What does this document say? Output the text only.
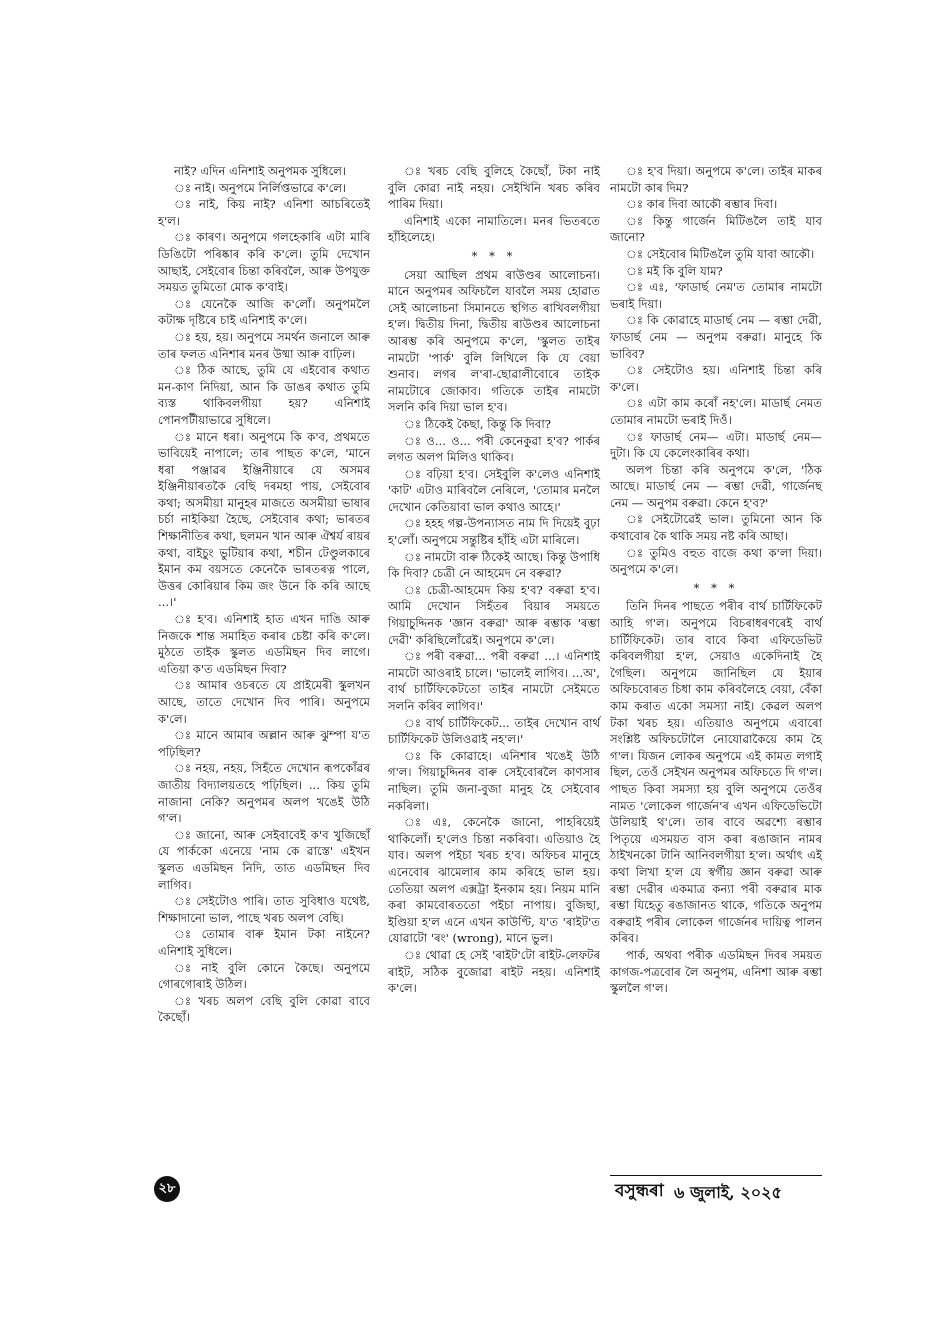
নাই? এদিন এনিশাই অনুপমক সুধিলে।

ঃ নাই। অনুপমে নির্লিপ্তভাৱে ক'লে।

ঃ নাই, কিয় নাই? এনিশা আচৰিতেই হ'ল।

ঃ কাৰণ। অনুপমে গলহেকাৰি এটা মাৰি ডিঙিটো পৰিষ্কাৰ কৰি ক'লে। তুমি দেখোন আছাই, সেইবোৰ চিন্তা কৰিবলৈ, আৰু উপযুক্ত সময়ত তুমিতো মোক ক'বাই।

ঃ যেনেকৈ আজি ক'লোঁ। অনুপমলৈ কটাক্ষ দৃষ্টিৰে চাই এনিশাই ক'লে।

ঃ হয়, হয়। অনুপমে সমৰ্থন জনালে আৰু তাৰ ফলত এনিশাৰ মনৰ উষ্মা আৰু বাঢ়িল।

ঃ ঠিক আছে, তুমি যে এইবোৰ কথাত মন-কাণ নিদিয়া, আন কি ডাঙৰ কথাত তুমি ব্যস্ত থাকিবলগীয়া হয়? এনিশাই পোনপটীয়াভাৱে সুধিলে।

ঃ মানে ধৰা। অনুপমে কি ক'ব, প্ৰথমতে ভাবিয়েই নাপালে; তাৰ পাছত ক'লে, 'মানে ধৰা পঞ্জাৱৰ ইঞ্জিনীয়াৰে যে অসমৰ ইঞ্জিনীয়াৰতকৈ বেছি দৰমহা পায়, সেইবোৰ কথা; অসমীয়া মানুহৰ মাজতে অসমীয়া ভাষাৰ চৰ্চা নাইকিয়া হৈছে, সেইবোৰ কথা; ভাৰতৰ শিক্ষানীতিৰ কথা, ছলমন খান আৰু ঐশ্বৰ্য ৰায়ৰ কথা, বাইচুং ভুটিয়াৰ কথা, শচীন টেণ্ডুলকাৰে ইমান কম বয়সতে কেনেকৈ ভাৰতৰত্ন পালে, উত্তৰ কোৰিয়াৰ কিম জং উনে কি কৰি আছে ...।'

ঃ হ'ব। এনিশাই হাত এখন দাঙি আৰু নিজকে শান্ত সমাহিত কৰাৰ চেষ্টা কৰি ক'লে। মুঠতে তাইক স্কুলত এডমিছন দিব লাগে। এতিয়া ক'ত এডমিছন দিবা?

ঃ আমাৰ ওচৰতে যে প্ৰাইমেৰী স্কুলখন আছে, তাতে দেখোন দিব পাৰি। অনুপমে ক'লে।

ঃ মানে আমাৰ অল্লান আৰু ঝুম্পা য'ত পঢ়িছিল?

ঃ নহয়, নহয়, সিহঁতে দেখোন ৰূপকোঁৱৰ জাতীয় বিদ্যালয়তহে পঢ়িছিল। ... কিয় তুমি নাজানা নেকি? অনুপমৰ অলপ খঙেই উঠি গ'ল।

ঃ জানো, আৰু সেইবাবেই ক'ব খুজিছোঁ যে পাৰ্ককো এনেয়ে 'নাম কে ৱাস্তে' এইখন স্কুলত এডমিছন নিদি, তাত এডমিছন দিব লাগিব।

ঃ সেইটোও পাৰি। তাত সুবিধাও যথেষ্ট, শিক্ষাদানো ভাল, পাছে খৰচ অলপ বেছি।

ঃ তোমাৰ বাৰু ইমান টকা নাইনে? এনিশাই সুধিলে।

ঃ নাই বুলি কোনে কৈছে। অনুপমে গোৰগোৰাই উঠিল।

ঃ খৰচ অলপ বেছি বুলি কোৱা বাবে কৈছোঁ।

ঃ খৰচ বেছি বুলিহে কৈছোঁ, টকা নাই বুলি কোৱা নাই নহয়। সেইখিনি খৰচ কৰিব পাৰিম দিয়া।

এনিশাই একো নামাতিলে। মনৰ ভিতৰতে হাঁহিলেহে।

* * *

সেয়া আছিল প্ৰথম ৰাউণ্ডৰ আলোচনা। মানে অনুপমৰ অফিচলৈ যাবলৈ সময় হোৱাত সেই আলোচনা সিমানতে স্থগিত ৰাখিবলগীয়া হ'ল। দ্বিতীয় দিনা, দ্বিতীয় ৰাউণ্ডৰ আলোচনা আৰম্ভ কৰি অনুপমে ক'লে, 'স্কুলত তাইৰ নামটো 'পাৰ্ক' বুলি লিখিলে কি যে বেয়া শুনাব। লগৰ ল'ৰা-ছোৱালীবোৰে তাইক নামটোৰে জোকাব। গতিকে তাইৰ নামটো সলনি কৰি দিয়া ভাল হ'ব।

ঃ ঠিকেই কৈছা, কিন্তু কি দিবা?

ঃ ও... ও... পৰী কেনেকুৱা হ'ব? পাৰ্কৰ লগত অলপ মিলিও থাকিব।

ঃ বঢ়িয়া হ'ব। সেইবুলি ক'লেও এনিশাই 'কাট' এটাও মাৰিবলৈ নেৰিলে, 'তোমাৰ মনলৈ দেখোন কেতিয়াবা ভাল কথাও আহে।'

ঃ হহহ গল্প-উপন্যাসত নাম দি দিয়েই বুঢ়া হ'লোঁ। অনুপমে সন্তুষ্টিৰ হাঁহি এটা মাৰিলে।

ঃ নামটো বাৰু ঠিকেই আছে। কিন্তু উপাধি কি দিবা? চেত্ৰী নে আহমেদ নে বৰুৱা?

ঃ চেত্ৰী-আহমেদ কিয় হ'ব? বৰুৱা হ'ব। আমি দেখোন সিহঁতৰ বিয়াৰ সময়তে গিয়াচুদ্দিনক 'জ্ঞান বৰুৱা' আৰু ৰম্ভাক 'ৰম্ভা দেৱী' কৰিছিলোঁৱেই। অনুপমে ক'লে।

ঃ পৰী বৰুৱা... পৰী বৰুৱা ...। এনিশাই নামটো আওৰাই চালে। 'ভালেই লাগিব। ...অ', বাৰ্থ চাৰ্টিফিকেটতো তাইৰ নামটো সেইমতে সলনি কৰিব লাগিব।'

ঃ বাৰ্থ চাৰ্টিফিকেট... তাইৰ দেখোন বাৰ্থ চাৰ্টিফিকেট উলিওৱাই নহ'ল।'

ঃ কি কোৱাহে। এনিশাৰ খঙেই উঠি গ'ল। গিয়াচুদ্দিনৰ বাৰু সেইবোৰলৈ কাণসাৰ নাছিল। তুমি জনা-বুজা মানুহ হৈ সেইবোৰ নকৰিলা।

ঃ এঃ, কেনেকৈ জানো, পাহৰিয়েই থাকিলোঁ। হ'লেও চিন্তা নকৰিবা। এতিয়াও হৈ যাব। অলপ পইচা খৰচ হ'ব। অফিচৰ মানুহে এনেবোৰ ঝামেলাৰ কাম কৰিহে ভাল হয়। তেতিয়া অলপ এক্সট্ৰা ইনকাম হয়। নিয়ম মানি কৰা কামবোৰততো পইচা নাপায়। বুজিছা, ইণ্ডিয়া হ'ল এনে এখন কাউণ্টি, য'ত 'ৰাইট'ত যোৱাটো 'ৰং' (wrong), মানে ভুল।

ঃ থোৱা হে সেই 'ৰাইট'টো ৰাইট-লেফটৰ ৰাইট, সঠিক বুজোৱা ৰাইট নহয়। এনিশাই ক'লে।

ঃ হ'ব দিয়া। অনুপমে ক'লে। তাইৰ মাকৰ নামটো কাৰ দিম?

ঃ কাৰ দিবা আকৌ ৰম্ভাৰ দিবা।

ঃ কিন্তু গাৰ্জেন মিটিঙলৈ তাই যাব জানো?

ঃ সেইবোৰ মিটিঙলৈ তুমি যাবা আকৌ।

ঃ মই কি বুলি যাম?

ঃ এঃ, 'ফাডাৰ্ছ নেম'ত তোমাৰ নামটো ভৰাই দিয়া।

ঃ কি কোৱাহে মাডাৰ্ছ নেম — ৰম্ভা দেৱী, ফাডাৰ্ছ নেম — অনুপম বৰুৱা। মানুহে কি ভাবিব?

ঃ সেইটোও হয়। এনিশাই চিন্তা কৰি ক'লে।

ঃ এটা কাম কৰোঁ নহ'লে। মাডাৰ্ছ নেমত তোমাৰ নামটো ভৰাই দিওঁ।

ঃ ফাডাৰ্ছ নেম— এটা। মাডাৰ্ছ নেম— দুটা। কি যে কেলেংকাৰিৰ কথা।

অলপ চিন্তা কৰি অনুপমে ক'লে, 'ঠিক আছে। মাডাৰ্ছ নেম — ৰম্ভা দেৱী, গাৰ্জেনছ নেম — অনুপম বৰুৱা। কেনে হ'ব?'

ঃ সেইটোৱেই ভাল। তুমিনো আন কি কথাবোৰ কৈ থাকি সময় নষ্ট কৰি আছা।

ঃ তুমিও বহুত বাজে কথা ক'লা দিয়া। অনুপমে ক'লে।

* * *

তিনি দিনৰ পাছতে পৰীৰ বাৰ্থ চাৰ্টিফিকেট আহি গ'ল। অনুপমে বিচৰাধৰণৰেই বাৰ্থ চাৰ্টিফিকেট। তাৰ বাবে কিবা এফিডেভিট কৰিবলগীয়া হ'ল, সেয়াও একেদিনাই হৈ গৈছিল। অনুপমে জানিছিল যে ইয়াৰ অফিচবোৰত চিধা কাম কৰিবলৈহে বেয়া, বেঁকা কাম কৰাত একো সমস্যা নাই। কেৱল অলপ টকা খৰচ হয়। এতিয়াও অনুপমে এবাৰো সংশ্লিষ্ট অফিচটোলৈ নোযোৱাকৈয়ে কাম হৈ গ'ল। যিজন লোকৰ অনুপমে এই কামত লগাই ছিল, তেওঁ সেইখন অনুপমৰ অফিচতে দি গ'ল। পাছত কিবা সমস্যা হয় বুলি অনুপমে তেওঁৰ নামত 'লোকেল গাৰ্জেন'ৰ এখন এফিডেভিটো উলিয়াই থ'লে। তাৰ বাবে অৱশ্যে ৰম্ভাৰ পিতৃয়ে এসময়ত বাস কৰা ৰঙাজান নামৰ ঠাইখনকো টানি আনিবলগীয়া হ'ল। অৰ্থাৎ এই কথা লিখা হ'ল যে স্বৰ্গীয় জ্ঞান বৰুৱা আৰু ৰম্ভা দেৱীৰ একমাত্ৰ কন্যা পৰী বৰুৱাৰ মাক ৰম্ভা যিহেতু ৰঙাজানত থাকে, গতিকে অনুপম বৰুৱাই পৰীৰ লোকেল গাৰ্জেনৰ দায়িত্ব পালন কৰিব।

পাৰ্ক, অথবা পৰীক এডমিছন দিবৰ সময়ত কাগজ-পত্ৰবোৰ লৈ অনুপম, এনিশা আৰু ৰম্ভা স্কুললৈ গ'ল।

২৮	বসুন্ধৰা ৬ জুলাই, ২০২৫
